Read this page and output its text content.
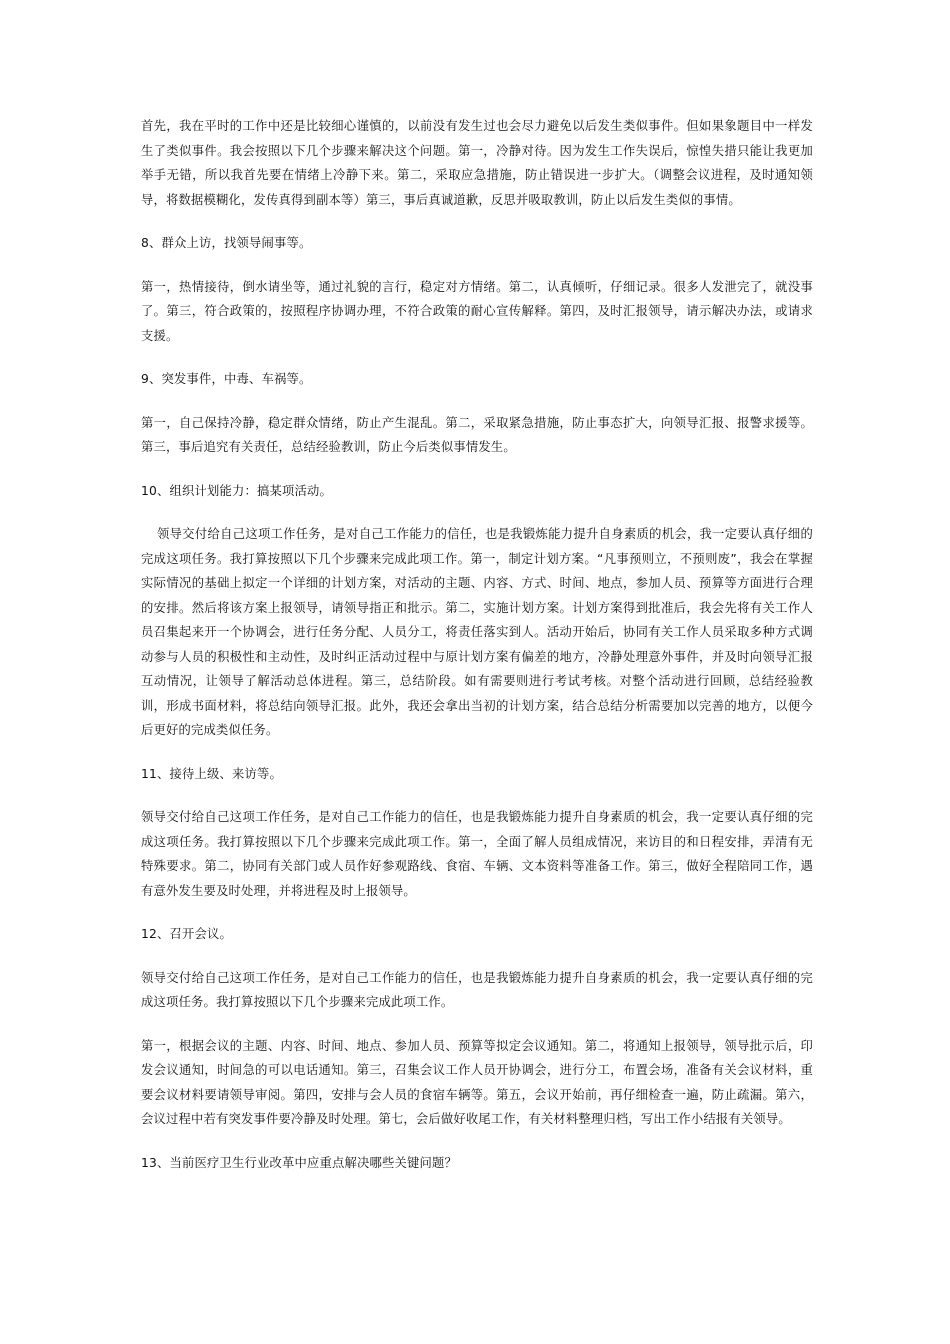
首先，我在平时的工作中还是比较细心谨慎的，以前没有发生过也会尽力避免以后发生类似事件。但如果象题目中一样发生了类似事件。我会按照以下几个步骤来解决这个问题。第一，冷静对待。因为发生工作失误后，惊惶失措只能让我更加举手无错，所以我首先要在情绪上冷静下来。第二，采取应急措施，防止错误进一步扩大。（调整会议进程，及时通知领导，将数据模糊化，发传真得到副本等）第三，事后真诚道歉，反思并吸取教训，防止以后发生类似的事情。

8、群众上访，找领导闹事等。

第一，热情接待，倒水请坐等，通过礼貌的言行，稳定对方情绪。第二，认真倾听，仔细记录。很多人发泄完了，就没事了。第三，符合政策的，按照程序协调办理，不符合政策的耐心宣传解释。第四，及时汇报领导，请示解决办法，或请求支援。

9、突发事件，中毒、车祸等。

第一，自己保持冷静，稳定群众情绪，防止产生混乱。第二，采取紧急措施，防止事态扩大，向领导汇报、报警求援等。第三，事后追究有关责任，总结经验教训，防止今后类似事情发生。

10、组织计划能力：搞某项活动。

领导交付给自己这项工作任务，是对自己工作能力的信任，也是我锻炼能力提升自身素质的机会，我一定要认真仔细的完成这项任务。我打算按照以下几个步骤来完成此项工作。第一，制定计划方案。“凡事预则立，不预则废”，我会在掌握实际情况的基础上拟定一个详细的计划方案，对活动的主题、内容、方式、时间、地点，参加人员、预算等方面进行合理的安排。然后将该方案上报领导，请领导指正和批示。第二，实施计划方案。计划方案得到批准后，我会先将有关工作人员召集起来开一个协调会，进行任务分配、人员分工，将责任落实到人。活动开始后，协同有关工作人员采取多种方式调动参与人员的积极性和主动性，及时纠正活动过程中与原计划方案有偏差的地方，冷静处理意外事件，并及时向领导汇报互动情况，让领导了解活动总体进程。第三，总结阶段。如有需要则进行考试考核。对整个活动进行回顾，总结经验教训，形成书面材料，将总结向领导汇报。此外，我还会拿出当初的计划方案，结合总结分析需要加以完善的地方，以便今后更好的完成类似任务。

11、接待上级、来访等。

领导交付给自己这项工作任务，是对自己工作能力的信任，也是我锻炼能力提升自身素质的机会，我一定要认真仔细的完成这项任务。我打算按照以下几个步骤来完成此项工作。第一，全面了解人员组成情况，来访目的和日程安排，弄清有无特殊要求。第二，协同有关部门或人员作好参观路线、食宿、车辆、文本资料等准备工作。第三，做好全程陪同工作，遇有意外发生要及时处理，并将进程及时上报领导。

12、召开会议。

领导交付给自己这项工作任务，是对自己工作能力的信任，也是我锻炼能力提升自身素质的机会，我一定要认真仔细的完成这项任务。我打算按照以下几个步骤来完成此项工作。

第一，根据会议的主题、内容、时间、地点、参加人员、预算等拟定会议通知。第二，将通知上报领导，领导批示后，印发会议通知，时间急的可以电话通知。第三，召集会议工作人员开协调会，进行分工，布置会场，准备有关会议材料，重要会议材料要请领导审阅。第四，安排与会人员的食宿车辆等。第五，会议开始前，再仔细检查一遍，防止疏漏。第六，会议过程中若有突发事件要冷静及时处理。第七，会后做好收尾工作，有关材料整理归档，写出工作小结报有关领导。

13、当前医疗卫生行业改革中应重点解决哪些关键问题？
